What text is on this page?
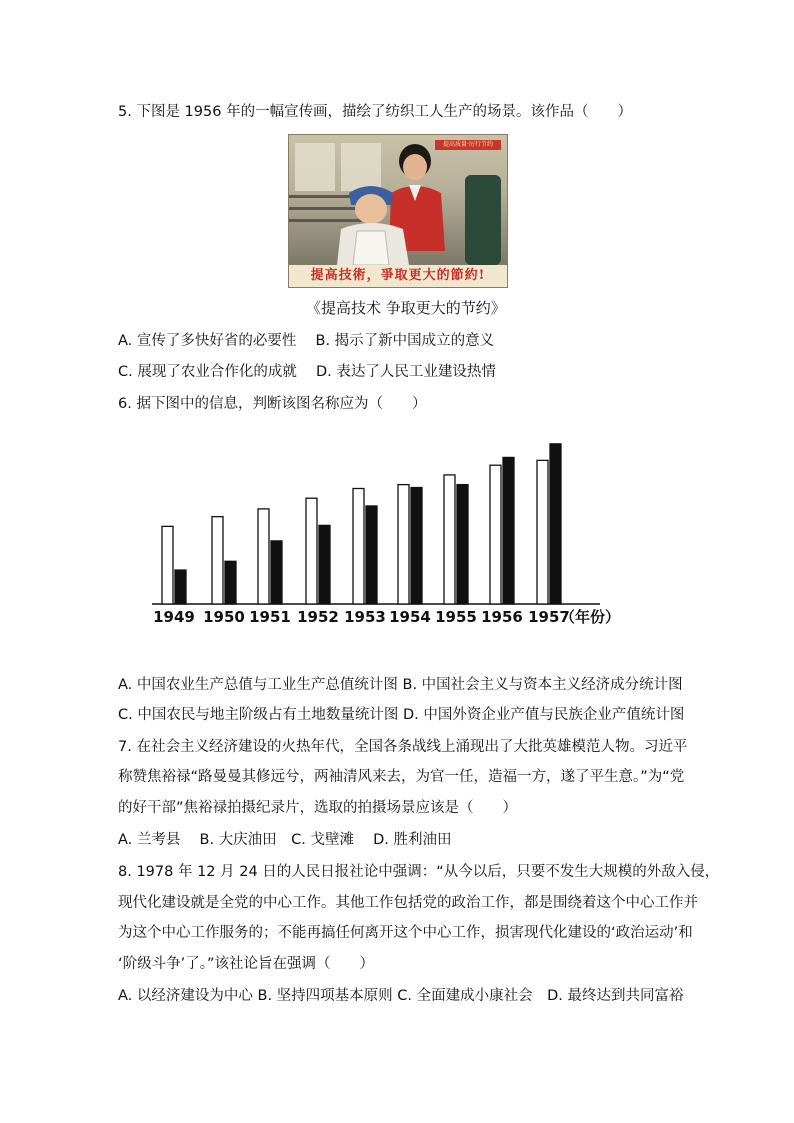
5. 下图是 1956 年的一幅宣传画，描绘了纺织工人生产的场景。该作品（　　）
提高质量·厉行节约
提高技術，爭取更大的節約!
《提高技术 争取更大的节约》
A. 宣传了多快好省的必要性　 B. 揭示了新中国成立的意义
C. 展现了农业合作化的成就　 D. 表达了人民工业建设热情
6. 据下图中的信息，判断该图名称应为（　　）
1949 1950 1951 1952 1953 1954 1955 1956 1957
（年份）
A. 中国农业生产总值与工业生产总值统计图 B. 中国社会主义与资本主义经济成分统计图
C. 中国农民与地主阶级占有土地数量统计图 D. 中国外资企业产值与民族企业产值统计图
7. 在社会主义经济建设的火热年代，全国各条战线上涌现出了大批英雄模范人物。习近平
称赞焦裕禄“路曼曼其修远兮，两袖清风来去，为官一任，造福一方，遂了平生意。”为“党
的好干部”焦裕禄拍摄纪录片，选取的拍摄场景应该是（　　）
A. 兰考县　 B. 大庆油田　C. 戈壁滩　 D. 胜利油田
8. 1978 年 12 月 24 日的人民日报社论中强调：“从今以后，只要不发生大规模的外敌入侵，
现代化建设就是全党的中心工作。其他工作包括党的政治工作，都是围绕着这个中心工作并
为这个中心工作服务的；不能再搞任何离开这个中心工作，损害现代化建设的‘政治运动’和
‘阶级斗争’了。”该社论旨在强调（　　）
A. 以经济建设为中心 B. 坚持四项基本原则 C. 全面建成小康社会　D. 最终达到共同富裕
